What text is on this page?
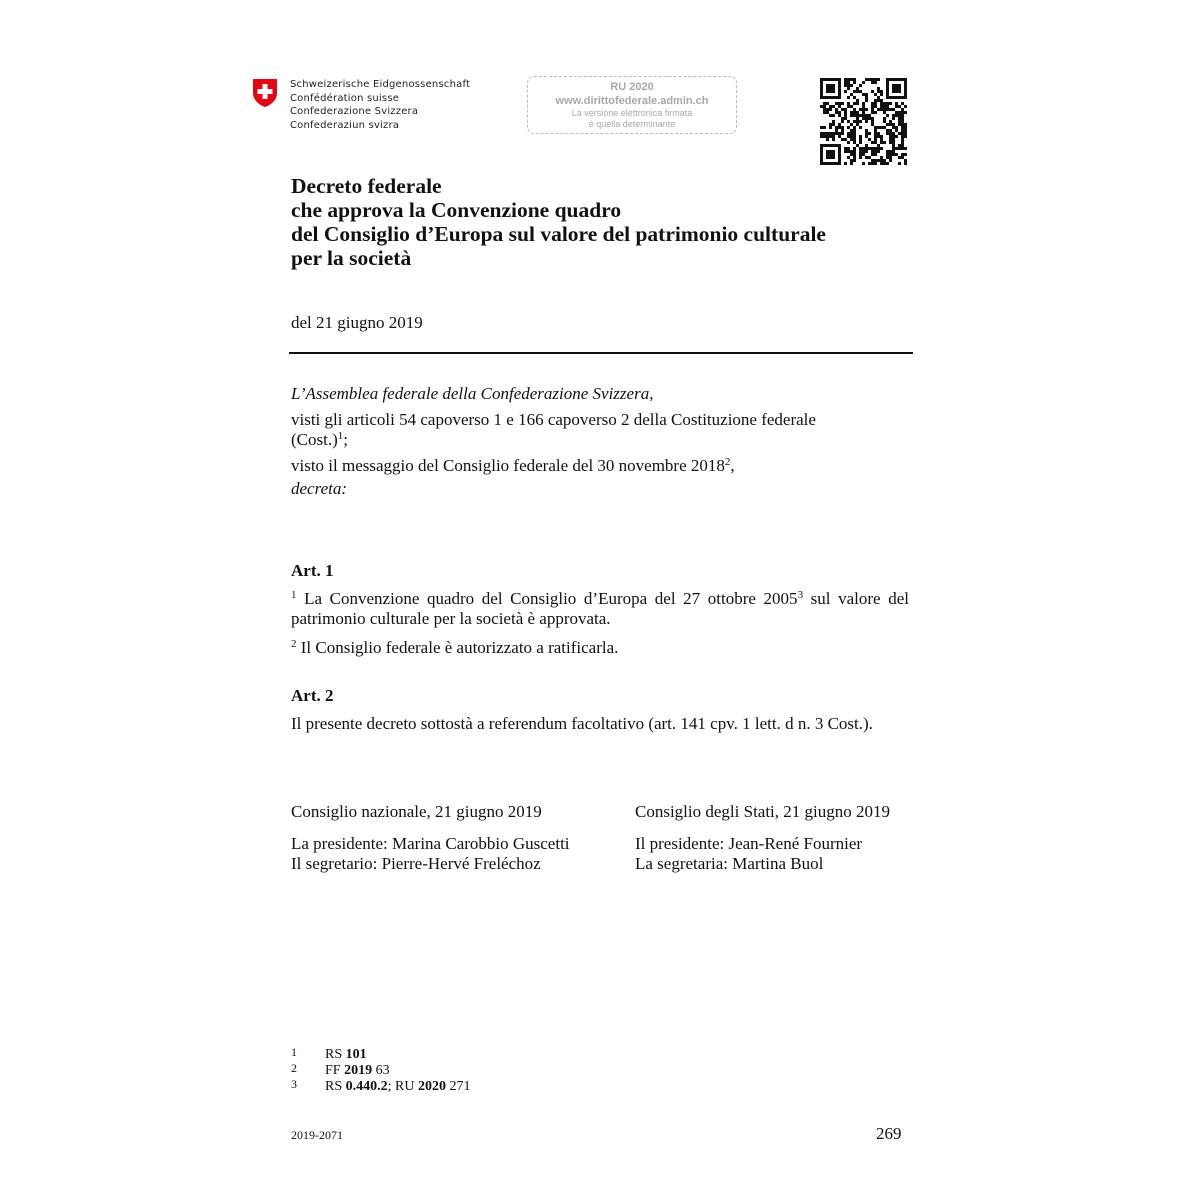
Schweizerische Eidgenossenschaft
Confédération suisse
Confederazione Svizzera
Confederaziun svizra
RU 2020
www.dirittofederale.admin.ch
La versione elettronica firmata
è quella determinante
Decreto federale
che approva la Convenzione quadro
del Consiglio d’Europa sul valore del patrimonio culturale
per la società
del 21 giugno 2019

L’Assemblea federale della Confederazione Svizzera,

visti gli articoli 54 capoverso 1 e 166 capoverso 2 della Costituzione federale

(Cost.)$^1$;

visto il messaggio del Consiglio federale del 30 novembre 2018$^2$,

decreta:

Art. 1

$^1$ La Convenzione quadro del Consiglio d’Europa del 27 ottobre 2005$^3$ sul valore del patrimonio culturale per la società è approvata.

$^2$ Il Consiglio federale è autorizzato a ratificarla.

Art. 2
Il presente decreto sottostà a referendum facoltativo (art. 141 cpv. 1 lett. d n. 3 Cost.).
Consiglio nazionale, 21 giugno 2019
La presidente: Marina Carobbio Guscetti
Il segretario: Pierre-Hervé Freléchoz
Consiglio degli Stati, 21 giugno 2019
Il presidente: Jean-René Fournier
La segretaria: Martina Buol
1 RS 101
2 FF 2019 63
3 RS 0.440.2; RU 2020 271
2019-2071	269
